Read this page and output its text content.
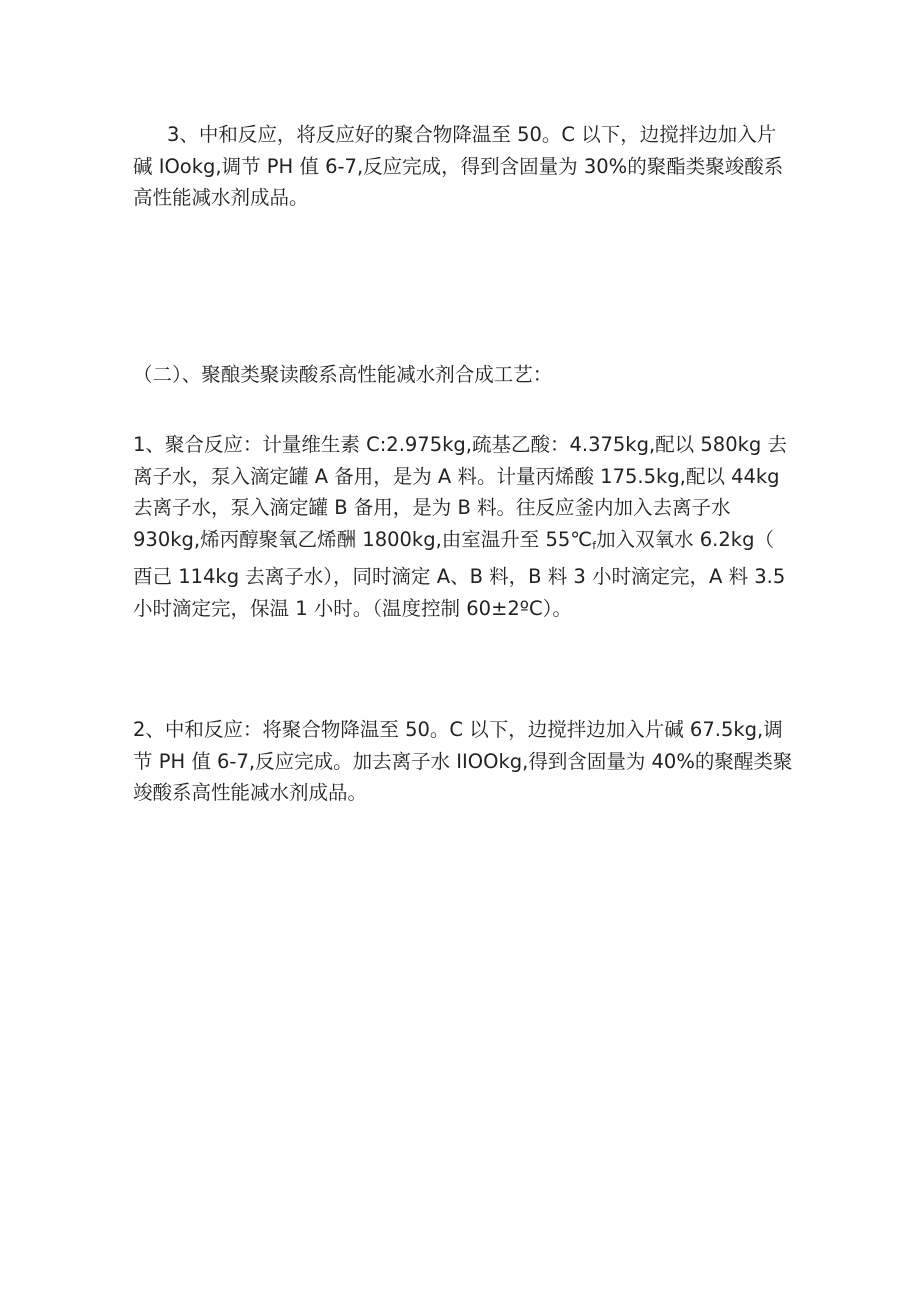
3、中和反应，将反应好的聚合物降温至 50。C 以下，边搅拌边加入片
碱 IOokg,调节 PH 值 6-7,反应完成，得到含固量为 30%的聚酯类聚竣酸系
高性能减水剂成品。
（二）、聚酿类聚读酸系高性能减水剂合成工艺：
1、聚合反应：计量维生素 C:2.975kg,疏基乙酸：4.375kg,配以 580kg 去
离子水，泵入滴定罐 A 备用，是为 A 料。计量丙烯酸 175.5kg,配以 44kg
去离子水，泵入滴定罐 B 备用，是为 B 料。往反应釜内加入去离子水
930kg,烯丙醇聚氧乙烯酬 1800kg,由室温升至 $55℃_f$加入双氧水 6.2kg（
酉己 114kg 去离子水），同时滴定 A、B 料，B 料 3 小时滴定完，A 料 3.5
小时滴定完，保温 1 小时。（温度控制 60±2ºC）。
2、中和反应：将聚合物降温至 50。C 以下，边搅拌边加入片碱 67.5kg,调
节 PH 值 6-7,反应完成。加去离子水 IIOOkg,得到含固量为 40%的聚醒类聚
竣酸系高性能减水剂成品。
